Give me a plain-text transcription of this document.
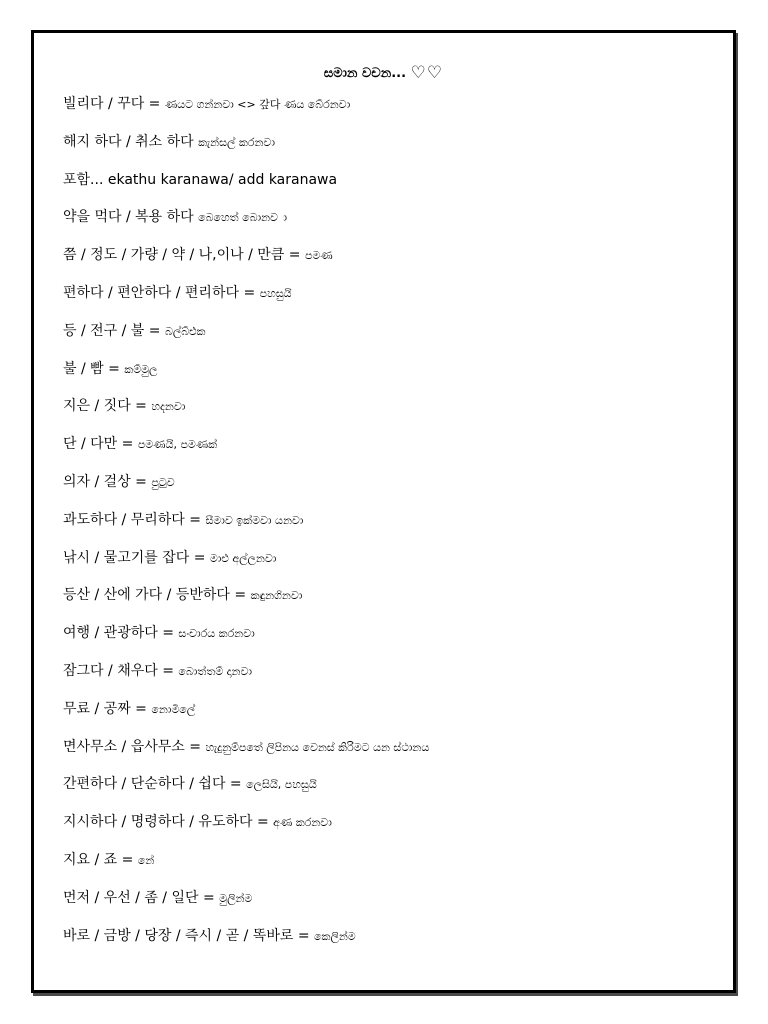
සමාන වචන... ♡♡
빌리다 / 꾸다 = ණයට ගන්නවා <> 갚다 ණය බේරනවා
해지 하다 / 취소 하다 කැන්සල් කරනවා
포함... ekathu karanawa/ add karanawa
약을 먹다 / 복용 하다 බෙහෙත් බොනව ා
쯤 / 정도 / 가량 / 약 / 나,이나 / 만큼 = පමණ
편하다 / 편안하다 / 편리하다 = පහසුයි
등 / 전구 / 불 = බල්බ්එක
불 / 빰 = කම්මුල
지은 / 짓다 = හදනවා
단 / 다만 = පමණයි, පමණක්
의자 / 걸상 = පුටුව
과도하다 / 무리하다 = සීමාව ඉක්මවා යනවා
낚시 / 물고기를 잡다 = මාළු අල්ලනවා
등산 / 산에 가다 / 등반하다 = කඳුනගිනවා
여행 / 관광하다 = සංචාරය කරනවා
잠그다 / 채우다 = බොත්තම් දානවා
무료 / 공짜 = නොමිලේ
면사무소 / 읍사무소 = හැදුනුම්පතේ ලිපිනය වෙනස් කිරිමට යන ස්ථානය
간편하다 / 단순하다 / 쉽다 = ලෙසියි, පහසුයි
지시하다 / 명령하다 / 유도하다 = අණ කරනවා
지요 / 죠 = නේ
먼저 / 우선 / 좀 / 일단 = මුලින්ම
바로 / 금방 / 당장 / 즉시 / 곧 / 똑바로 = කෙලින්ම
